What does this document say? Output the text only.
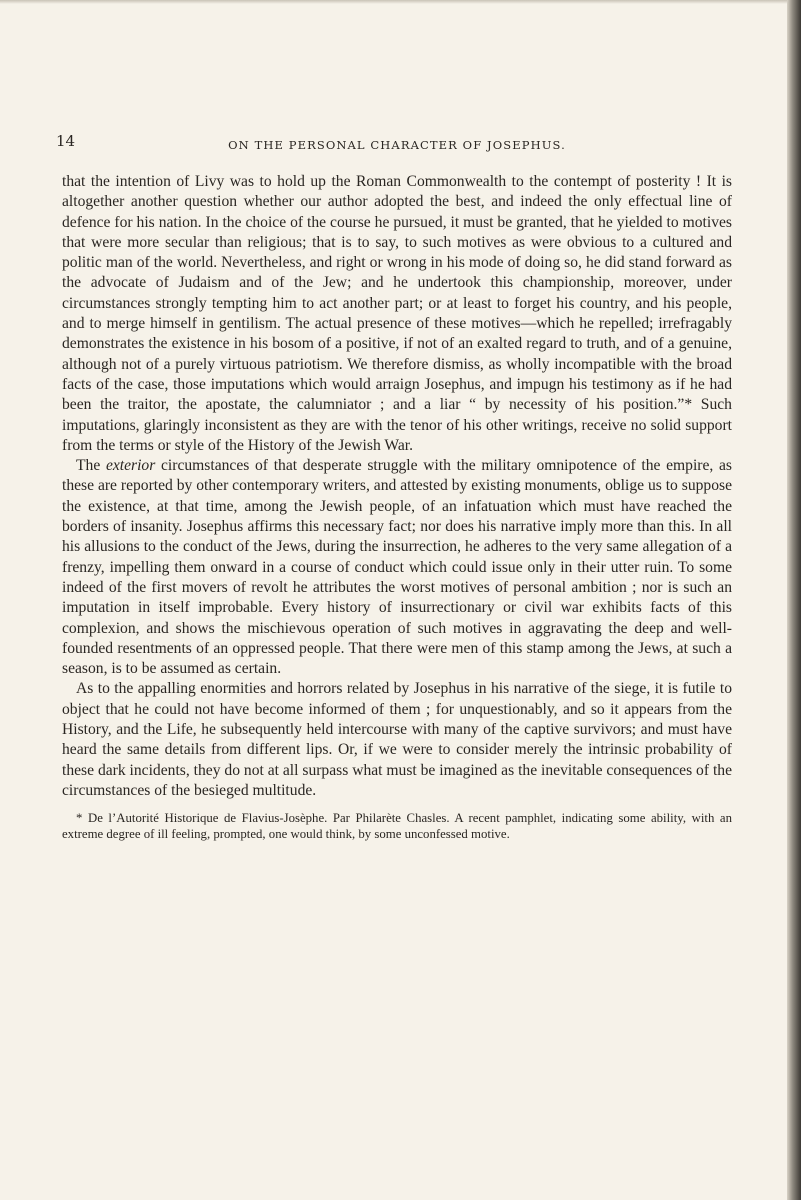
14	ON THE PERSONAL CHARACTER OF JOSEPHUS.

that the intention of Livy was to hold up the Roman Commonwealth to the contempt of posterity ! It is altogether another question whether our author adopted the best, and indeed the only effectual line of defence for his nation. In the choice of the course he pursued, it must be granted, that he yielded to motives that were more secular than religious; that is to say, to such motives as were obvious to a cultured and politic man of the world. Nevertheless, and right or wrong in his mode of doing so, he did stand forward as the advocate of Judaism and of the Jew; and he undertook this championship, moreover, under circumstances strongly tempting him to act another part; or at least to forget his country, and his people, and to merge himself in gentilism. The actual presence of these motives—which he repelled; irrefragably demonstrates the existence in his bosom of a positive, if not of an exalted regard to truth, and of a genuine, although not of a purely virtuous patriotism. We therefore dismiss, as wholly incompatible with the broad facts of the case, those imputations which would arraign Josephus, and impugn his testimony as if he had been the traitor, the apostate, the calumniator ; and a liar “ by necessity of his position.”* Such imputations, glaringly inconsistent as they are with the tenor of his other writings, receive no solid support from the terms or style of the History of the Jewish War.

The exterior circumstances of that desperate struggle with the military omnipotence of the empire, as these are reported by other contemporary writers, and attested by existing monuments, oblige us to suppose the existence, at that time, among the Jewish people, of an infatuation which must have reached the borders of insanity. Josephus affirms this necessary fact; nor does his narrative imply more than this. In all his allusions to the conduct of the Jews, during the insurrection, he adheres to the very same allegation of a frenzy, impelling them onward in a course of conduct which could issue only in their utter ruin. To some indeed of the first movers of revolt he attributes the worst motives of personal ambition ; nor is such an imputation in itself improbable. Every history of insurrectionary or civil war exhibits facts of this complexion, and shows the mischievous operation of such motives in aggravating the deep and well-founded resentments of an oppressed people. That there were men of this stamp among the Jews, at such a season, is to be assumed as certain.

As to the appalling enormities and horrors related by Josephus in his narrative of the siege, it is futile to object that he could not have become informed of them ; for unquestionably, and so it appears from the History, and the Life, he subsequently held intercourse with many of the captive survivors; and must have heard the same details from different lips. Or, if we were to consider merely the intrinsic probability of these dark incidents, they do not at all surpass what must be imagined as the inevitable consequences of the circumstances of the besieged multitude.

* De l’Autorité Historique de Flavius-Josèphe. Par Philarète Chasles. A recent pamphlet, indicating some ability, with an extreme degree of ill feeling, prompted, one would think, by some unconfessed motive.
